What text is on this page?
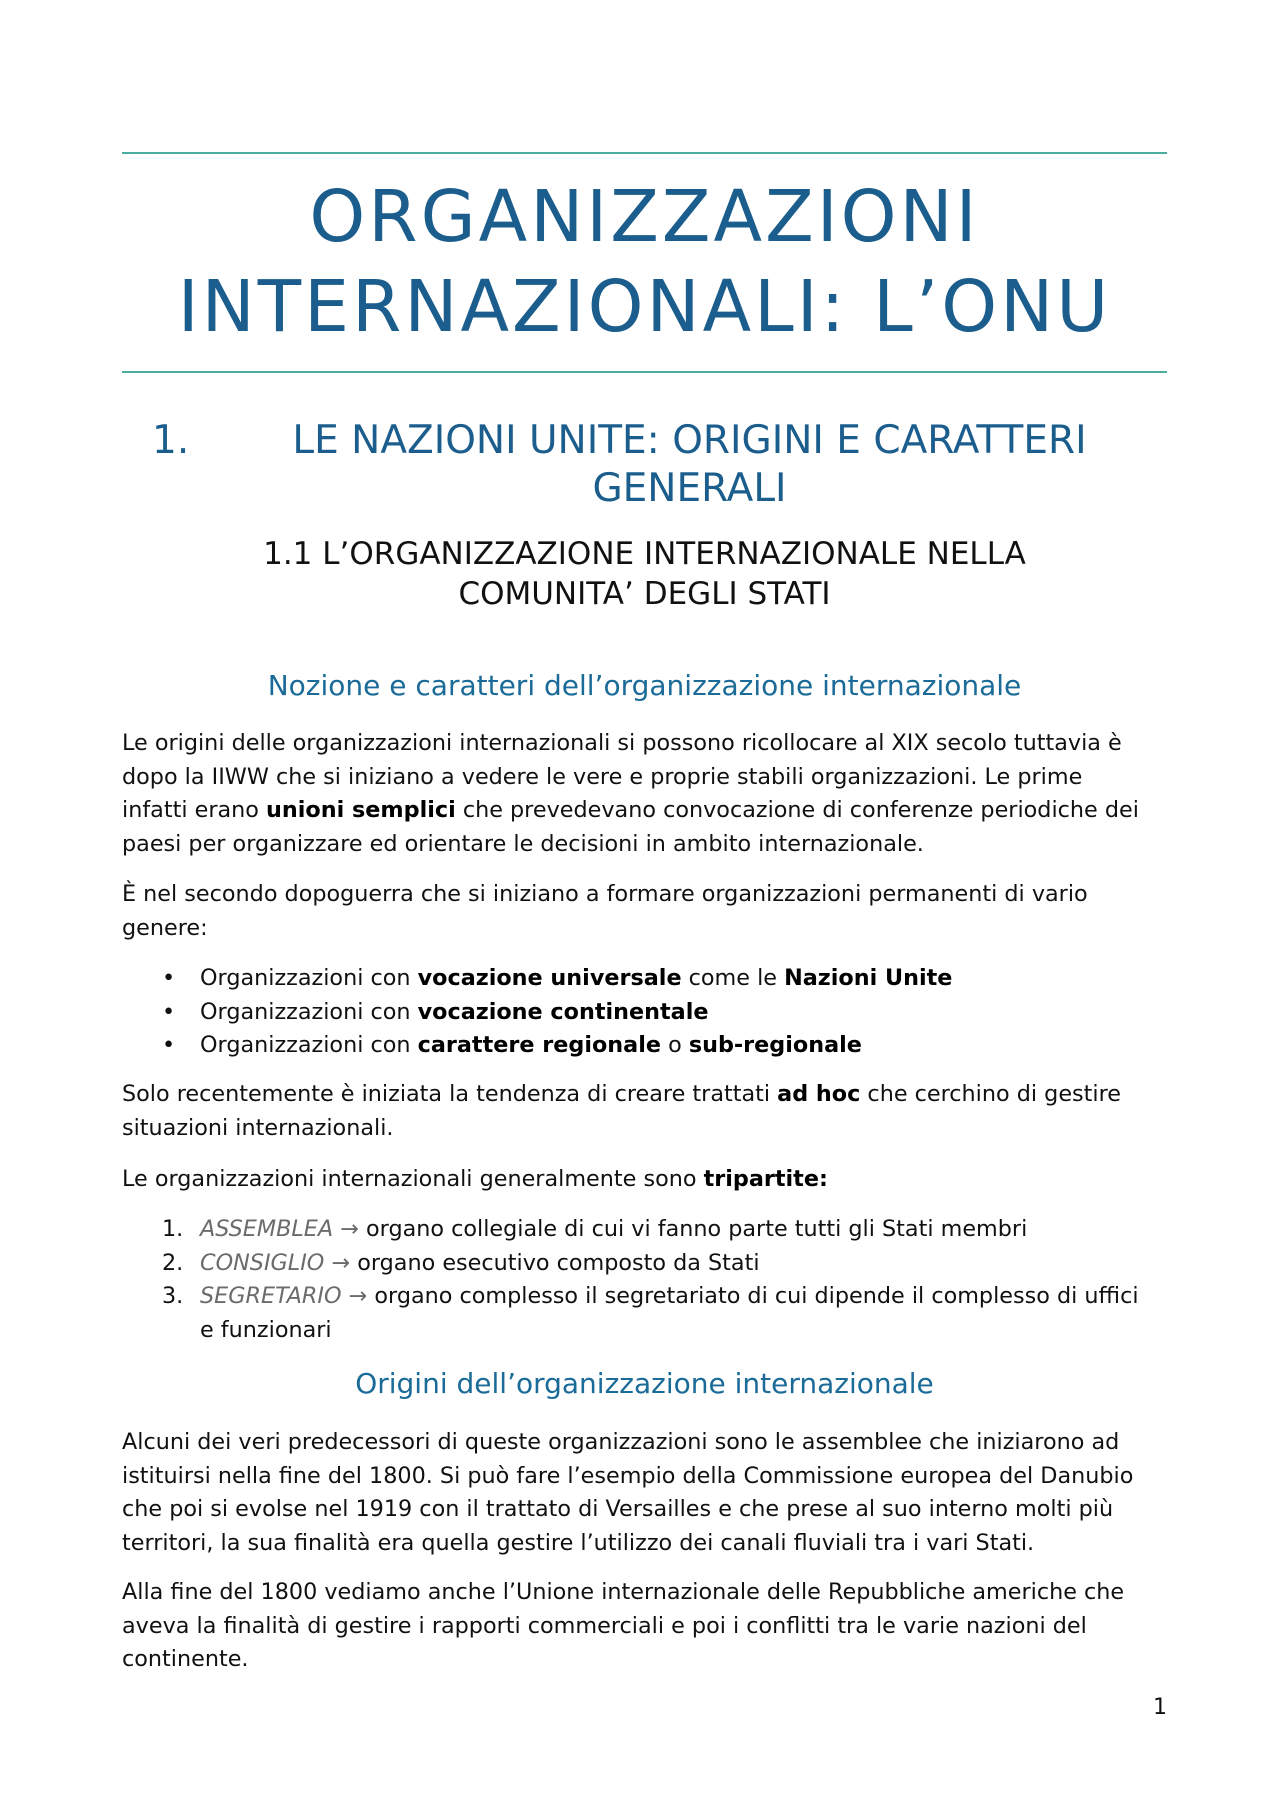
ORGANIZZAZIONI
INTERNAZIONALI: L’ONU
1.	LE NAZIONI UNITE: ORIGINI E CARATTERI
GENERALI
1.1 L’ORGANIZZAZIONE INTERNAZIONALE NELLA
COMUNITA’ DEGLI STATI
Nozione e caratteri dell’organizzazione internazionale

Le origini delle organizzazioni internazionali si possono ricollocare al XIX secolo tuttavia è
dopo la IIWW che si iniziano a vedere le vere e proprie stabili organizzazioni. Le prime
infatti erano unioni semplici che prevedevano convocazione di conferenze periodiche dei
paesi per organizzare ed orientare le decisioni in ambito internazionale.

È nel secondo dopoguerra che si iniziano a formare organizzazioni permanenti di vario
genere:

• Organizzazioni con vocazione universale come le Nazioni Unite
• Organizzazioni con vocazione continentale
• Organizzazioni con carattere regionale o sub-regionale

Solo recentemente è iniziata la tendenza di creare trattati ad hoc che cerchino di gestire
situazioni internazionali.

Le organizzazioni internazionali generalmente sono tripartite:

1. ASSEMBLEA → organo collegiale di cui vi fanno parte tutti gli Stati membri
2. CONSIGLIO → organo esecutivo composto da Stati
3. SEGRETARIO → organo complesso il segretariato di cui dipende il complesso di uffici
e funzionari
Origini dell’organizzazione internazionale

Alcuni dei veri predecessori di queste organizzazioni sono le assemblee che iniziarono ad
istituirsi nella fine del 1800. Si può fare l’esempio della Commissione europea del Danubio
che poi si evolse nel 1919 con il trattato di Versailles e che prese al suo interno molti più
territori, la sua finalità era quella gestire l’utilizzo dei canali fluviali tra i vari Stati.

Alla fine del 1800 vediamo anche l’Unione internazionale delle Repubbliche americhe che
aveva la finalità di gestire i rapporti commerciali e poi i conflitti tra le varie nazioni del
continente.

1
